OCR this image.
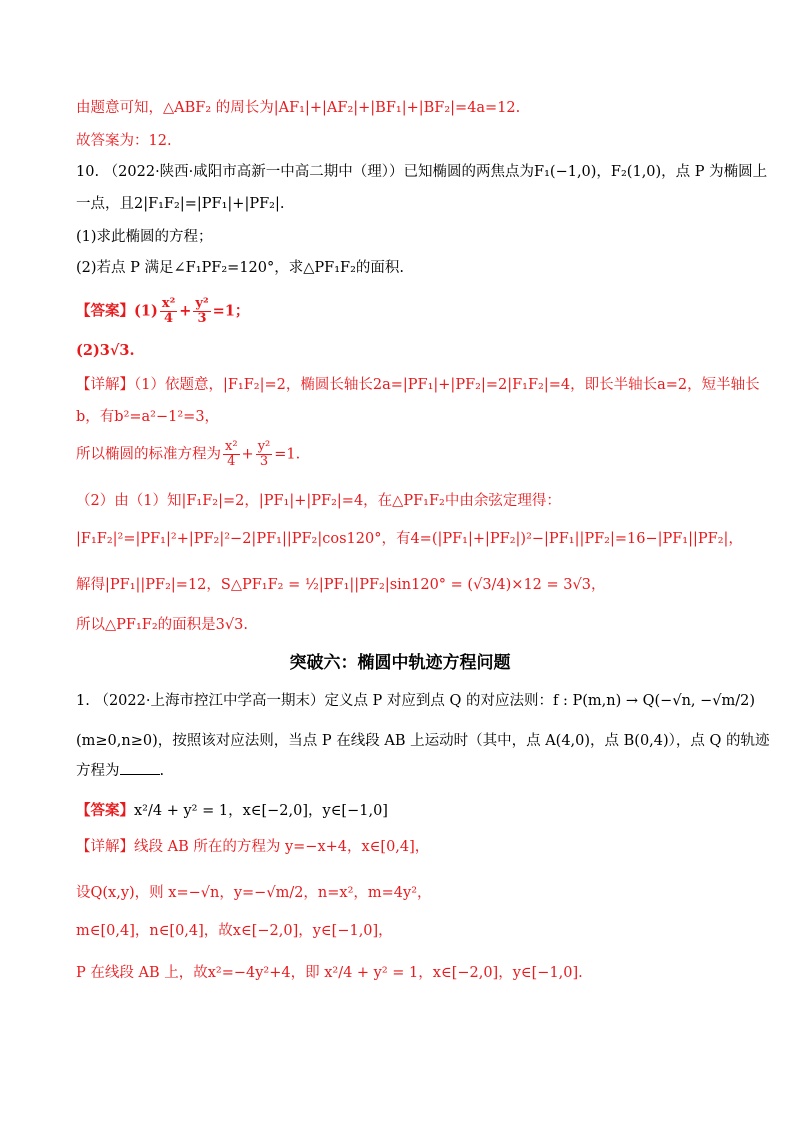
由题意可知，△ABF₂ 的周长为|AF₁|+|AF₂|+|BF₁|+|BF₂|=4a=12.
故答案为：12.
10. （2022·陕西·咸阳市高新一中高二期中（理））已知椭圆的两焦点为F₁(−1,0)，F₂(1,0)，点 P 为椭圆上
一点，且2|F₁F₂|=|PF₁|+|PF₂|.
(1)求此椭圆的方程；
(2)若点 P 满足∠F₁PF₂=120°，求△PF₁F₂的面积.
【答案】$(1) \frac{\text{x²}}{4} + \frac{\text{y²}}{3} =1$；
(2)3√3.
【详解】（1）依题意，|F₁F₂|=2，椭圆长轴长2a=|PF₁|+|PF₂|=2|F₁F₂|=4，即长半轴长a=2，短半轴长
b，有b²=a²−1²=3，
所以椭圆的标准方程为 $\frac{\text{x²}}{4} + \frac{\text{y²}}{3} =1$.
（2）由（1）知|F₁F₂|=2，|PF₁|+|PF₂|=4，在△PF₁F₂中由余弦定理得：
|F₁F₂|²=|PF₁|²+|PF₂|²−2|PF₁||PF₂|cos120°，有4=(|PF₁|+|PF₂|)²−|PF₁||PF₂|=16−|PF₁||PF₂|，
解得|PF₁||PF₂|=12，S△PF₁F₂ = ½|PF₁||PF₂|sin120° = (√3/4)×12 = 3√3，
所以△PF₁F₂的面积是3√3.
突破六：椭圆中轨迹方程问题
1. （2022·上海市控江中学高一期末）定义点 P 对应到点 Q 的对应法则：f : P(m,n) → Q(−√n, −√m/2)
(m≥0,n≥0)，按照该对应法则，当点 P 在线段 AB 上运动时（其中，点 A(4,0)，点 B(0,4)），点 Q 的轨迹
方程为	.
【答案】x²/4 + y² = 1，x∈[−2,0]，y∈[−1,0]
【详解】线段 AB 所在的方程为 y=−x+4，x∈[0,4]，
设Q(x,y)，则 x=−√n，y=−√m/2，n=x²，m=4y²，
m∈[0,4]，n∈[0,4]，故x∈[−2,0]，y∈[−1,0]，
P 在线段 AB 上，故x²=−4y²+4，即 x²/4 + y² = 1，x∈[−2,0]，y∈[−1,0].
